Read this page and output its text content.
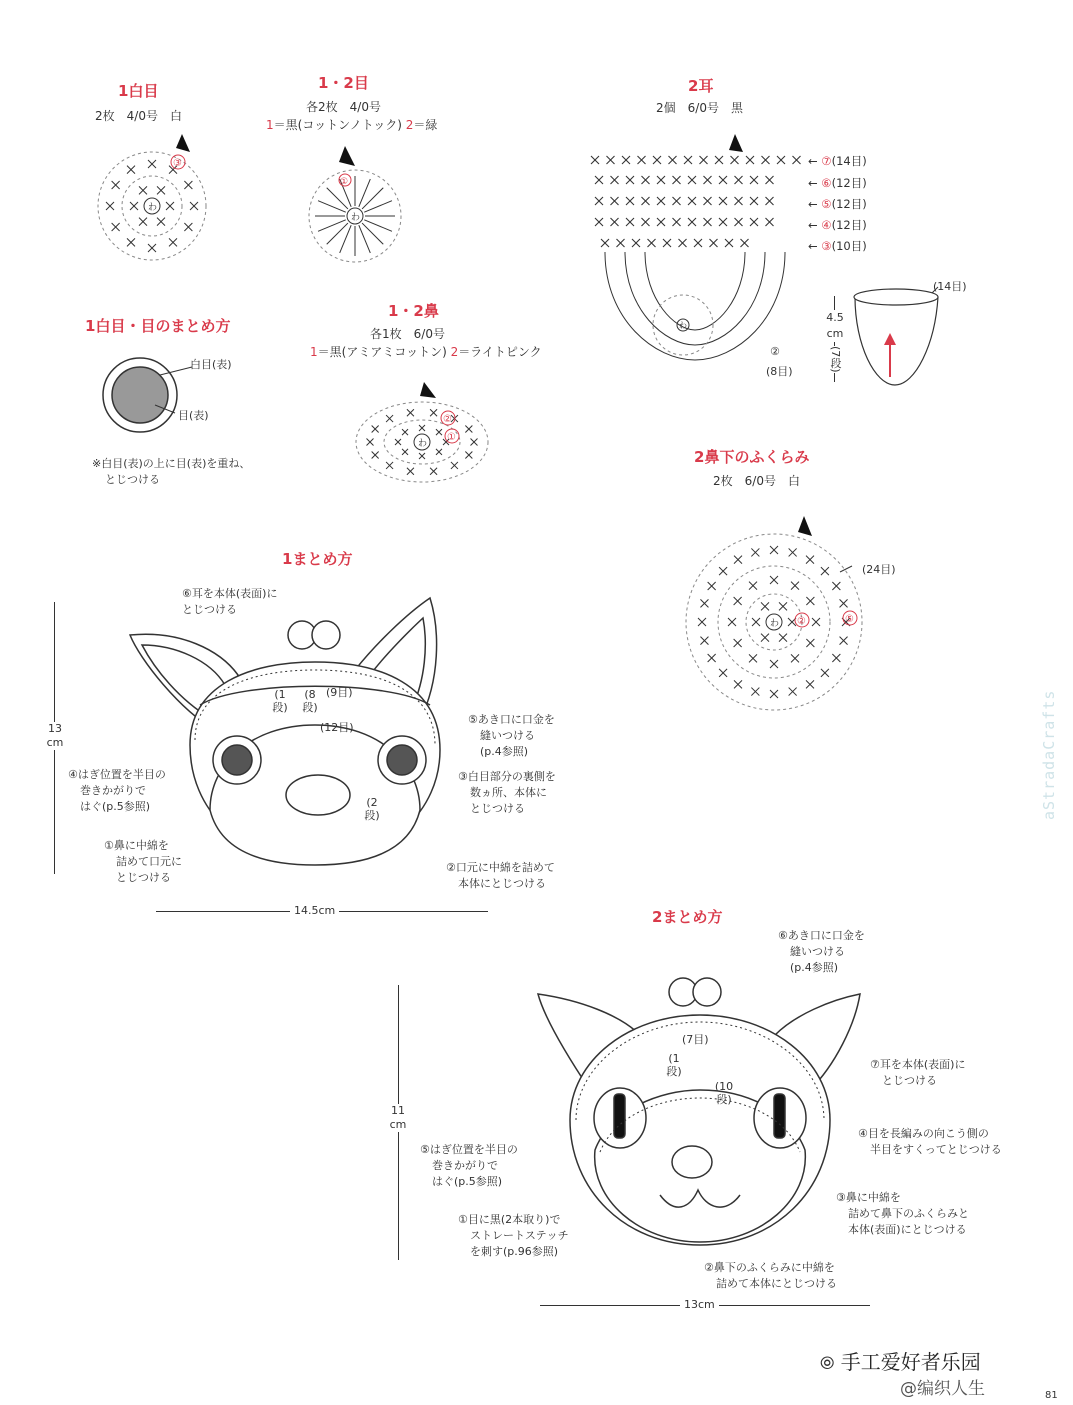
1白目
2枚　4/0号　白
わ
③
1・2目
各2枚　4/0号
1＝黒(コットンノトック) 2＝緑
わ
①
1白目・目のまとめ方
白目(表)
目(表)
※白目(表)の上に目(表)を重ね、
とじつける
1・2鼻
各1枚　6/0号
1＝黒(アミアミコットン) 2＝ライトピンク
わ
②
①
2耳
2個　6/0号　黒
わ
← ⑦(14目)
← ⑥(12目)
← ⑤(12目)
← ④(12目)
← ③(10目)
②
(8目)
(14目)
4.5
cm
(7段)
2鼻下のふくらみ
2枚　6/0号　白
わ ②	⑤
(24目)
1まとめ方
⑥耳を本体(表面)に
とじつける
⑤あき口に口金を
縫いつける
(p.4参照)
④はぎ位置を半目の
巻きかがりで
はぐ(p.5参照)
③白目部分の裏側を
数ヵ所、本体に
とじつける
①鼻に中綿を
詰めて口元に
とじつける
②口元に中綿を詰めて
本体にとじつける
(1
段)
(8
段)
(9目)
(12目)
(2
段)
13
cm
14.5cm	2まとめ方
⑥あき口に口金を
縫いつける
(p.4参照)
⑦耳を本体(表面)に
とじつける
④目を長編みの向こう側の
半目をすくってとじつける
⑤はぎ位置を半目の
巻きかがりで
はぐ(p.5参照)
③鼻に中綿を
詰めて鼻下のふくらみと
本体(表面)にとじつける
①目に黒(2本取り)で
ストレートステッチ
を刺す(p.96参照)
②鼻下のふくらみに中綿を
詰めて本体にとじつける
(7目)
(1
段)
(10
段)
11
cm
13cm
aStradaCrafts
⦾ 手工爱好者乐园
@编织人生	81
